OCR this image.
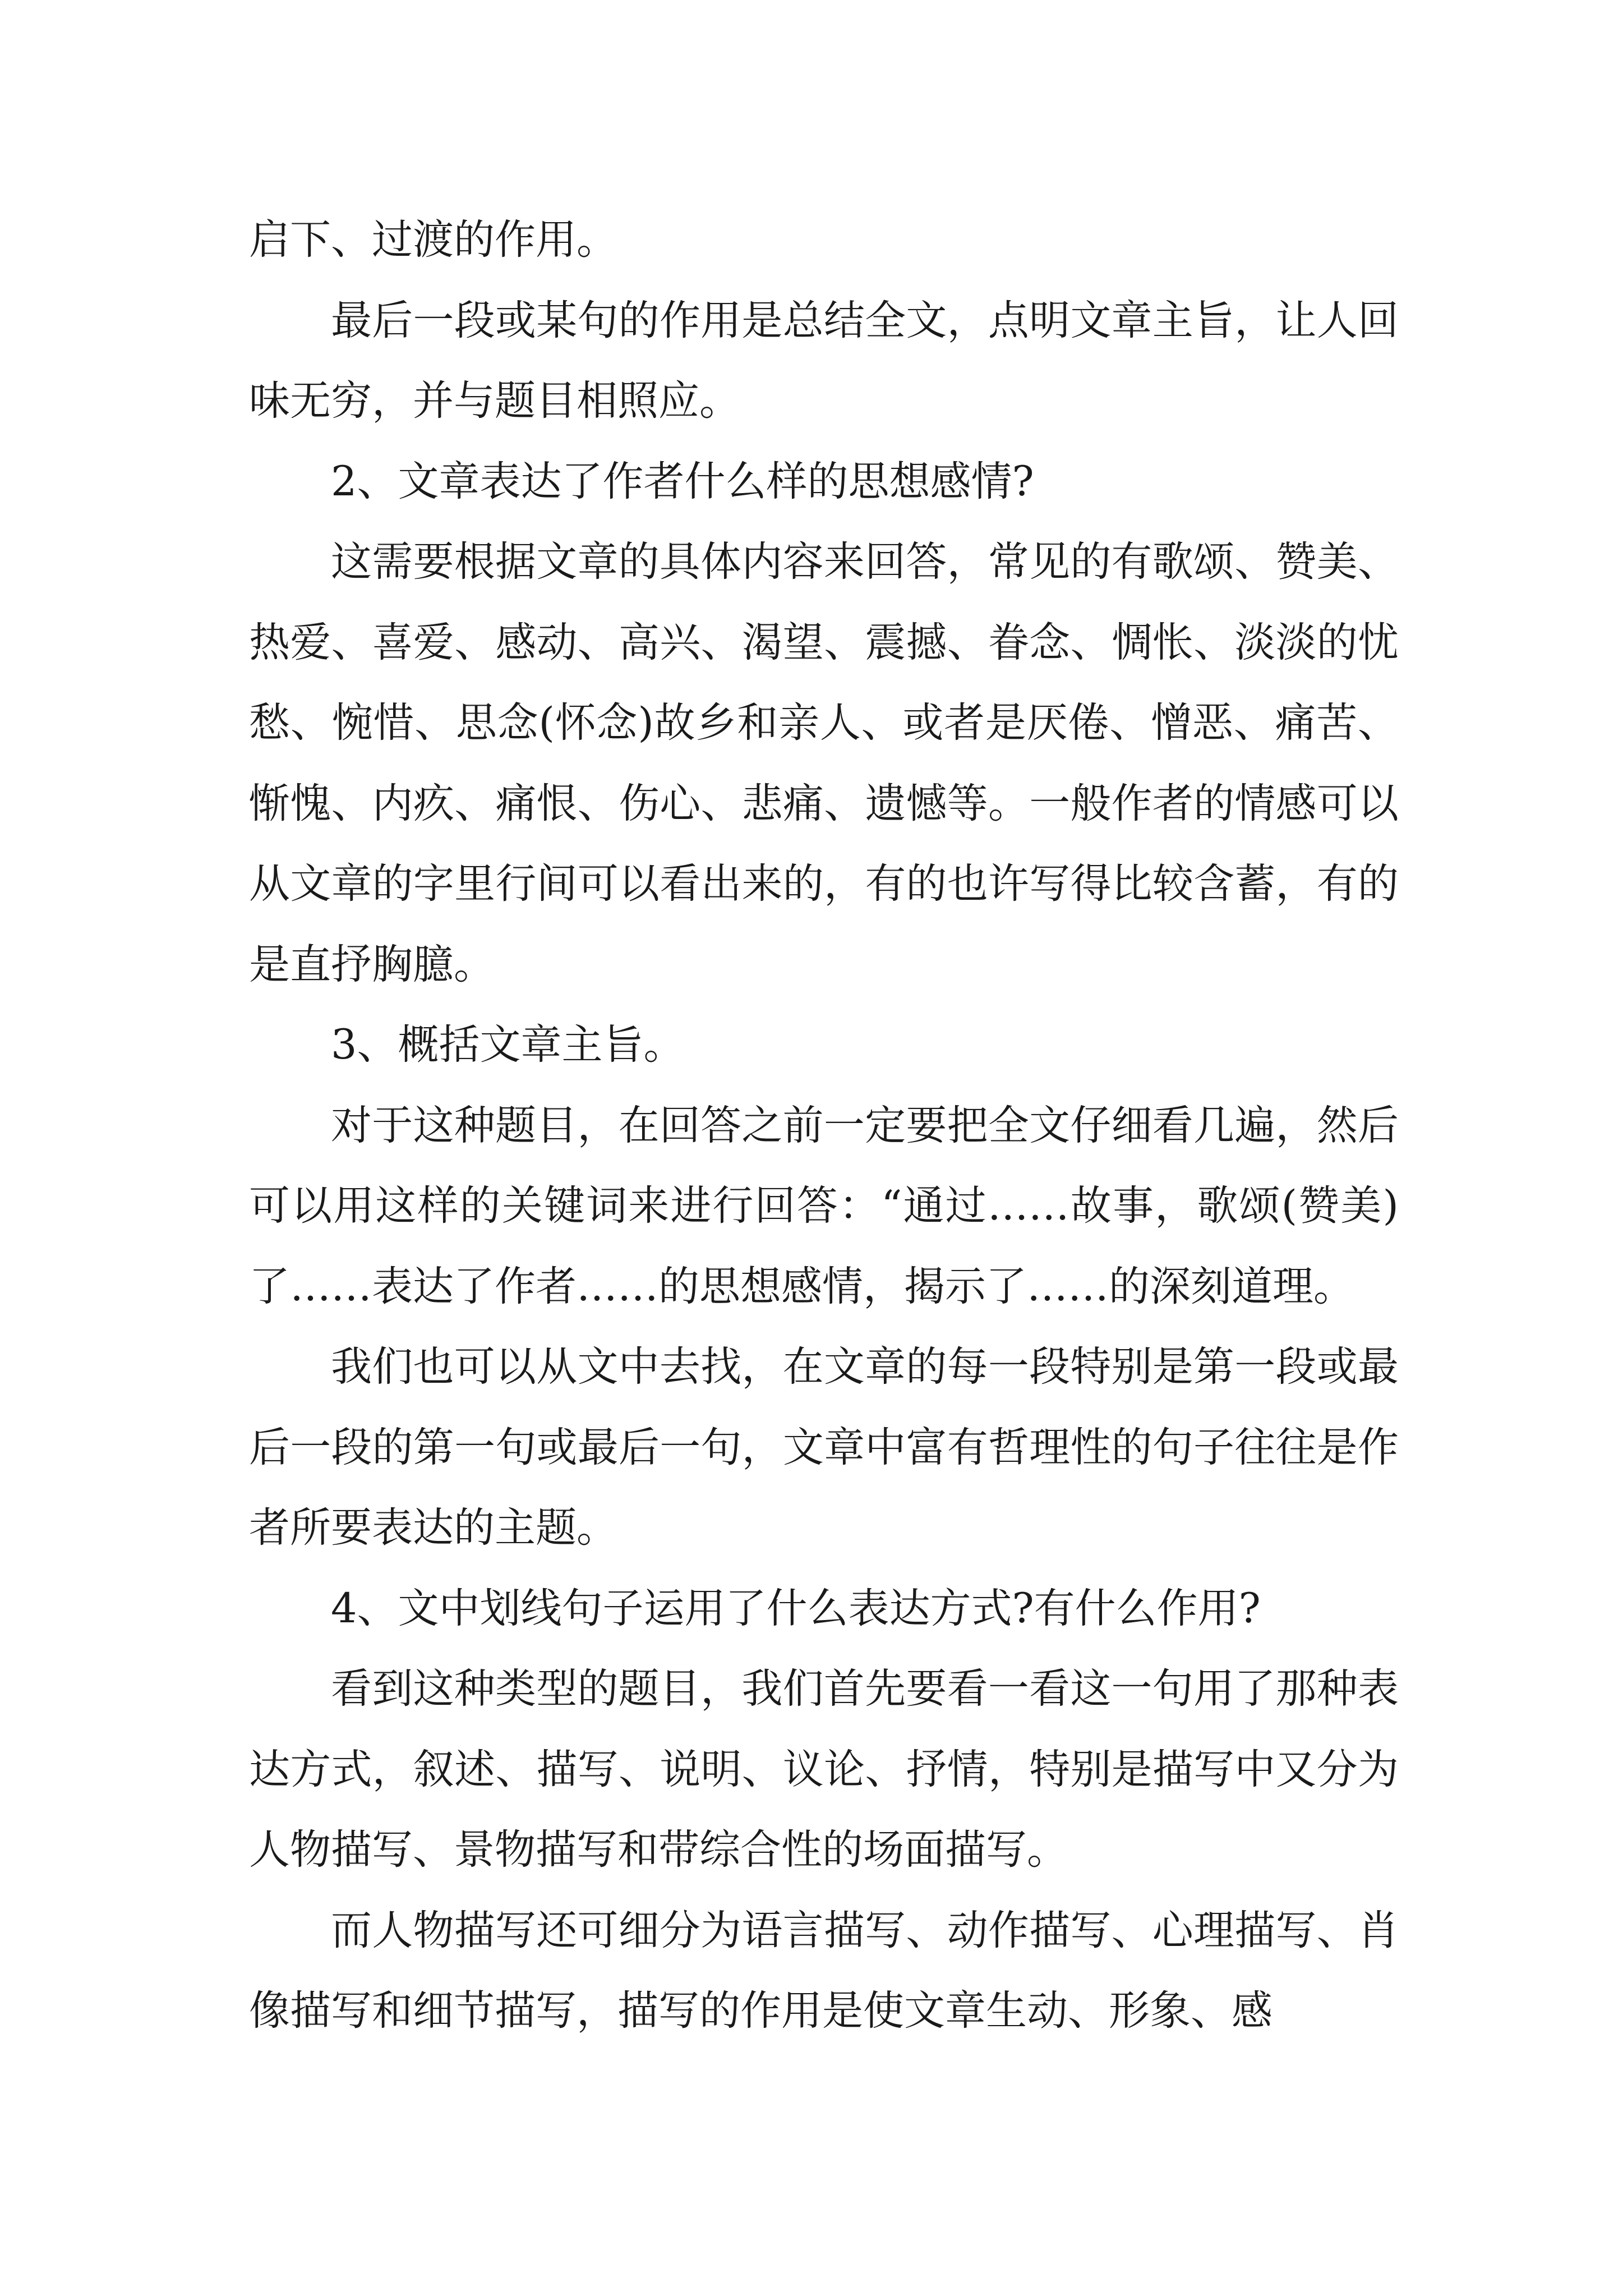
启下、过渡的作用。

最后一段或某句的作用是总结全文，点明文章主旨，让人回味无穷，并与题目相照应。

2、文章表达了作者什么样的思想感情?

这需要根据文章的具体内容来回答，常见的有歌颂、赞美、热爱、喜爱、感动、高兴、渴望、震撼、眷念、惆怅、淡淡的忧愁、惋惜、思念(怀念)故乡和亲人、或者是厌倦、憎恶、痛苦、惭愧、内疚、痛恨、伤心、悲痛、遗憾等。一般作者的情感可以从文章的字里行间可以看出来的，有的也许写得比较含蓄，有的是直抒胸臆。

3、概括文章主旨。

对于这种题目，在回答之前一定要把全文仔细看几遍，然后可以用这样的关键词来进行回答：“通过……故事，歌颂(赞美)了……表达了作者……的思想感情，揭示了……的深刻道理。

我们也可以从文中去找，在文章的每一段特别是第一段或最后一段的第一句或最后一句，文章中富有哲理性的句子往往是作者所要表达的主题。

4、文中划线句子运用了什么表达方式?有什么作用?

看到这种类型的题目，我们首先要看一看这一句用了那种表达方式，叙述、描写、说明、议论、抒情，特别是描写中又分为人物描写、景物描写和带综合性的场面描写。

而人物描写还可细分为语言描写、动作描写、心理描写、肖像描写和细节描写，描写的作用是使文章生动、形象、感
